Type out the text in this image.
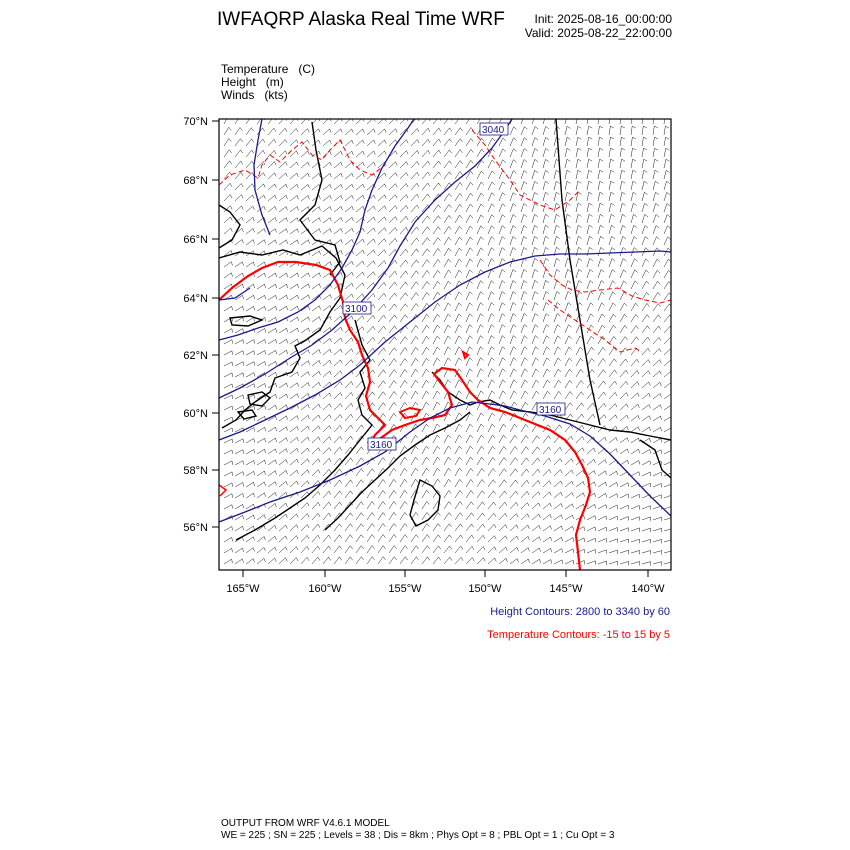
IWFAQRP Alaska Real Time WRF	Init: 2025-08-16_00:00:00
Valid: 2025-08-22_22:00:00
Temperature (C)
Height (m)
Winds (kts)
3040
3100
3160
3160
70°N
68°N
66°N
64°N
62°N
60°N
58°N
56°N
165°W	160°W	155°W	150°W	145°W	140°W
Height Contours: 2800 to 3340 by 60
Temperature Contours: -15 to 15 by 5
OUTPUT FROM WRF V4.6.1 MODEL
WE = 225 ; SN = 225 ; Levels = 38 ; Dis = 8km ; Phys Opt = 8 ; PBL Opt = 1 ; Cu Opt = 3
